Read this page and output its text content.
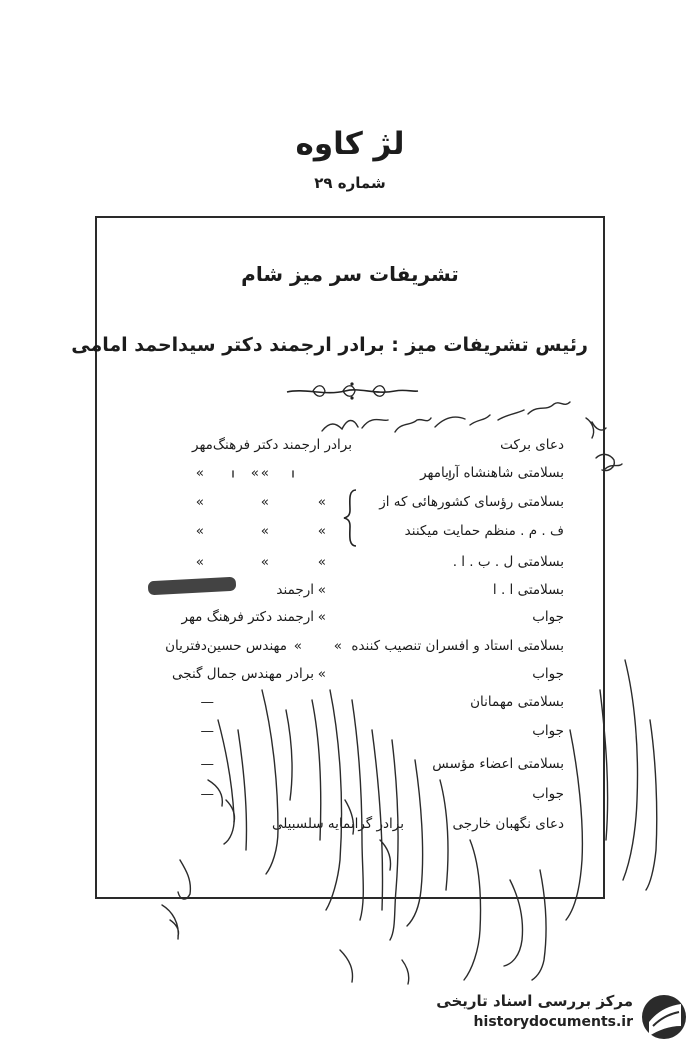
لژ کاوه
شماره ۲۹
تشریفات سر میز شام
رئیس تشریفات میز : برادر ارجمند دکتر سیداحمد امامی
دعای برکت
برادر ارجمند دکتر فرهنگ‌مهر
بسلامتی شاهنشاه آریامهر
» »
»
بسلامتی رؤسای کشورهائی که از
»
»
»
ف . م . منظم حمایت میکنند
»
»
»
بسلامتی ل . ب . ا .
»
»
»
بسلامتی ا . ا
»
ارجمند
جواب
»
ارجمند دکتر فرهنگ مهر
بسلامتی استاد و افسران تنصیب کننده
»
»
مهندس حسین‌دفتریان
جواب
»
برادر مهندس جمال گنجی
بسلامتی مهمانان
—
جواب
—
بسلامتی اعضاء مؤسس
—
جواب
—
دعای نگهبان خارجی
برادر گرانمایه سلسبیلی
مرکز بررسی اسناد تاریخی
historydocuments.ir
